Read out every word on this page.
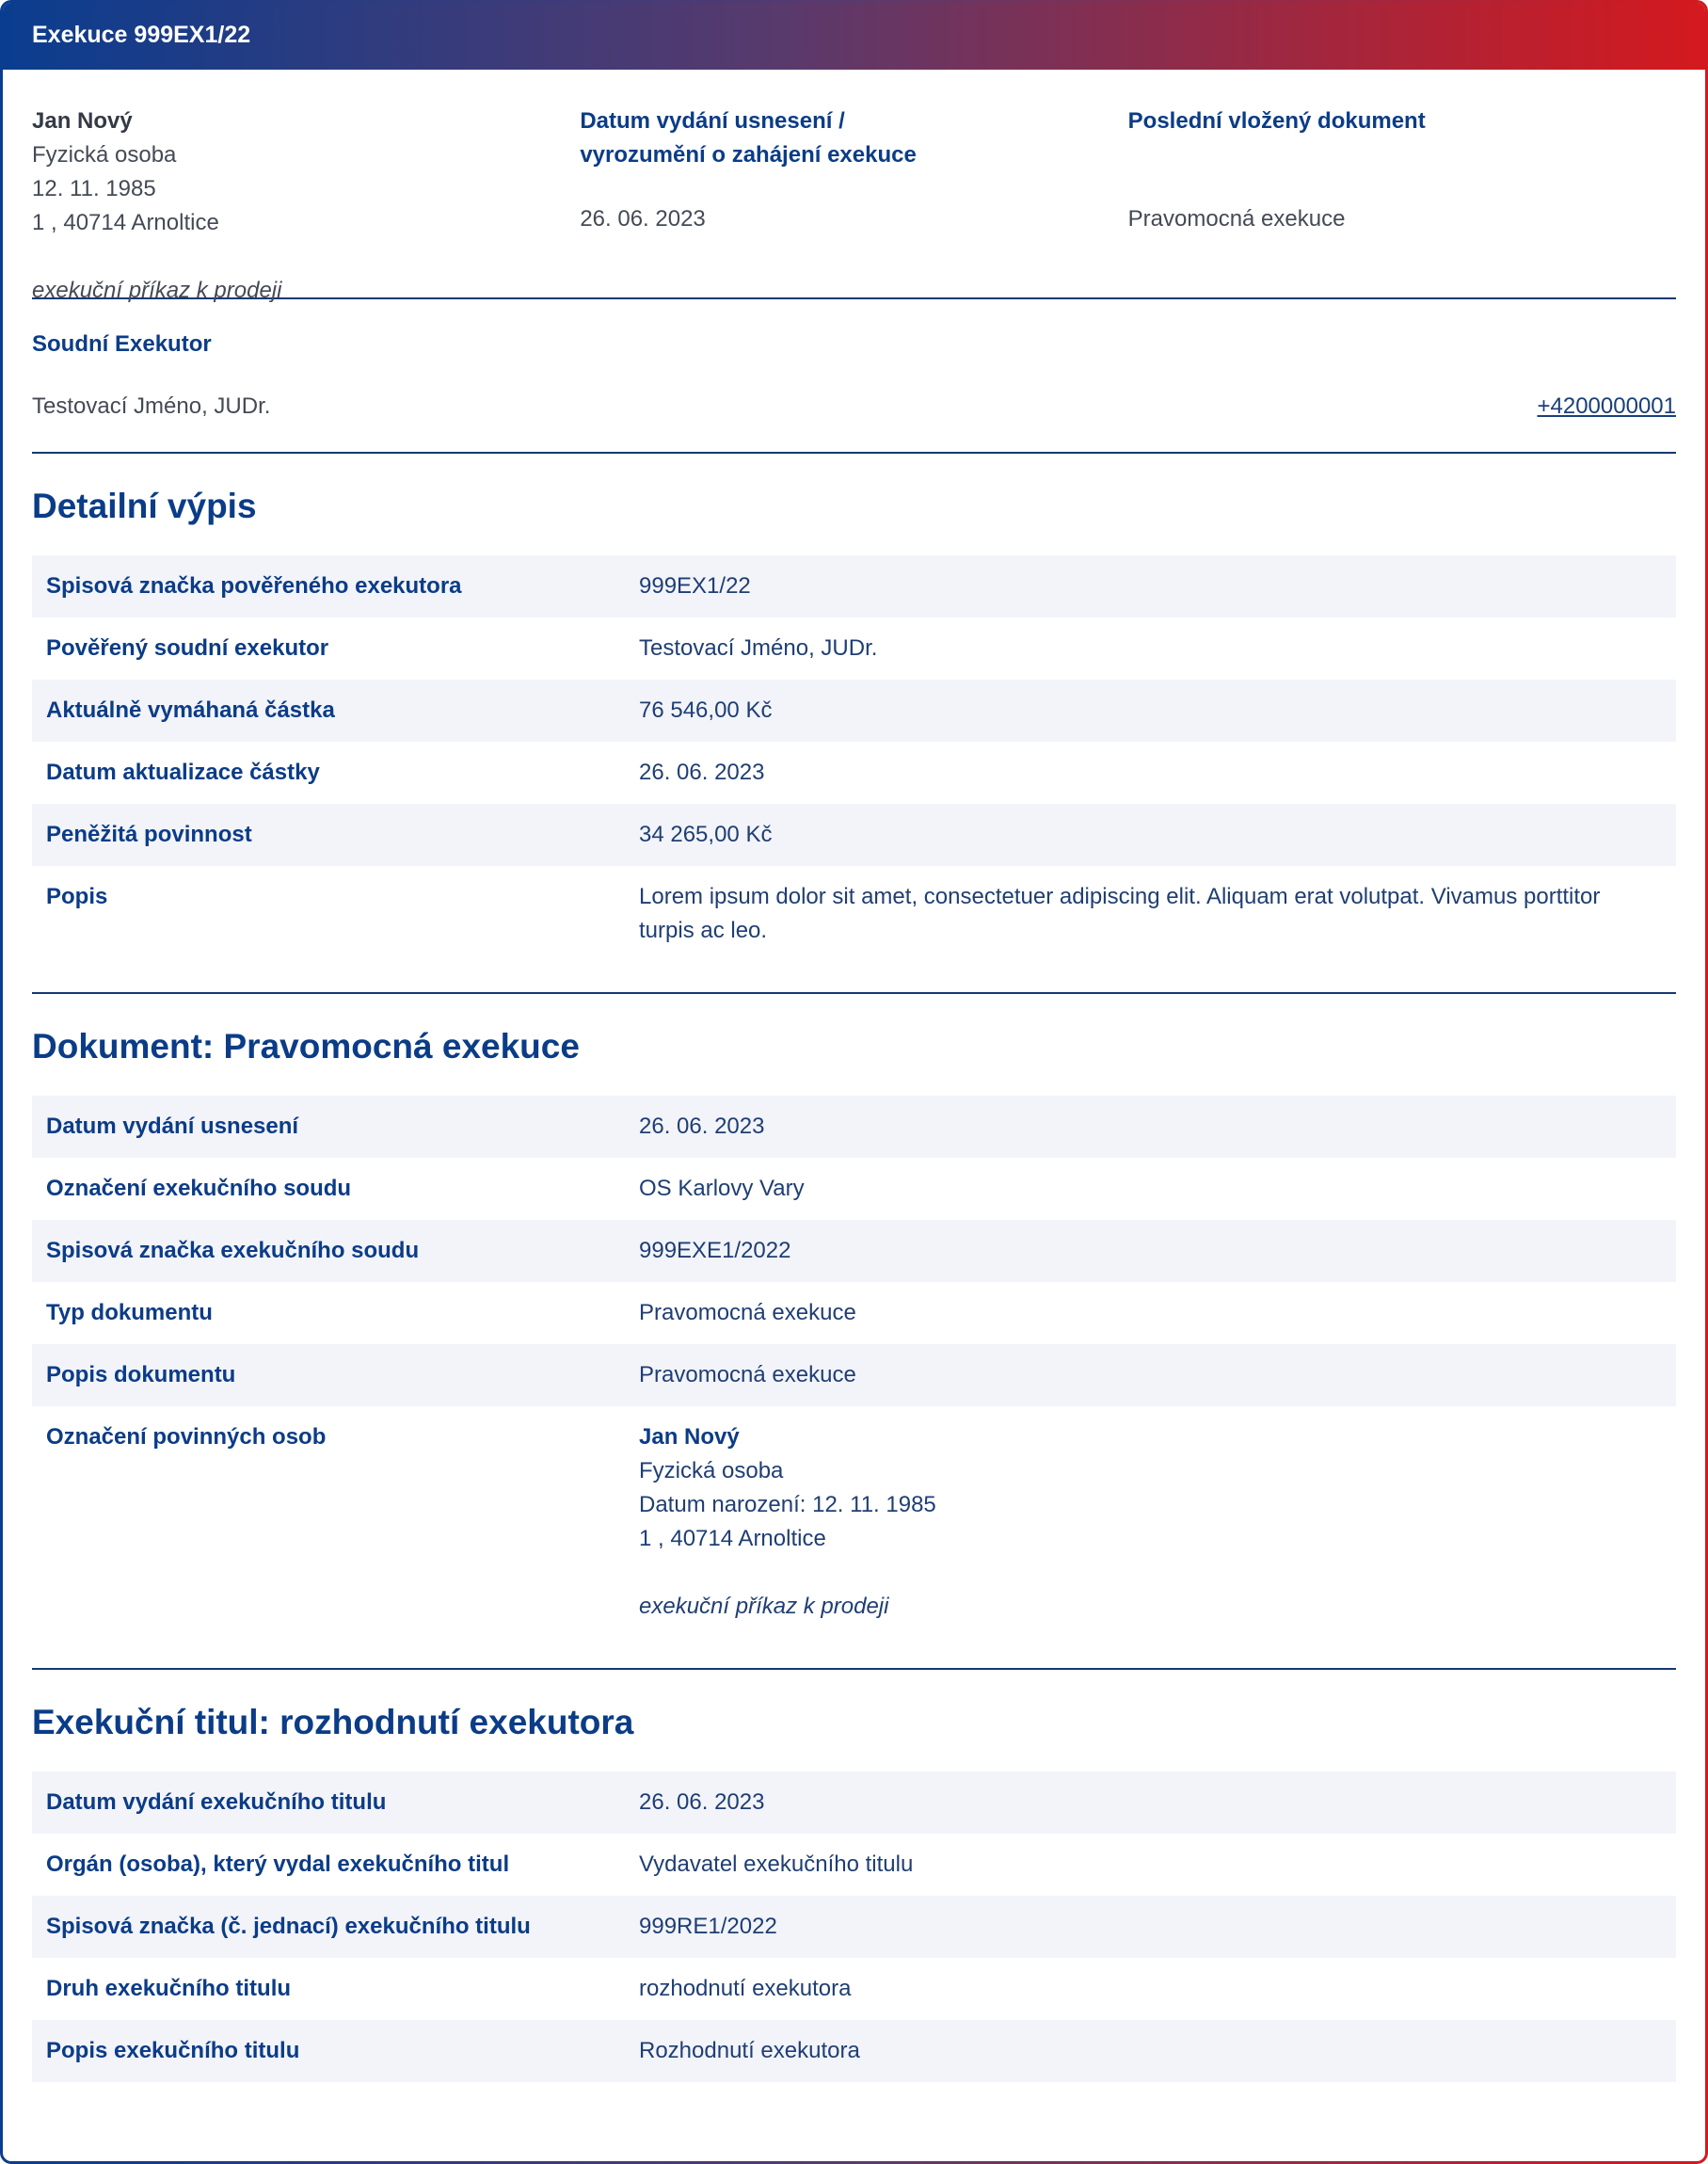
Exekuce 999EX1/22
Jan Nový
Fyzická osoba
12. 11. 1985
1 , 40714 Arnoltice
exekuční příkaz k prodeji
Datum vydání usnesení /
vyrozumění o zahájení exekuce
26. 06. 2023
Poslední vložený dokument
Pravomocná exekuce
Soudní Exekutor
Testovací Jméno, JUDr.	+4200000001
Detailní výpis
Spisová značka pověřeného exekutora	999EX1/22
Pověřený soudní exekutor	Testovací Jméno, JUDr.
Aktuálně vymáhaná částka	76 546,00 Kč
Datum aktualizace částky	26. 06. 2023
Peněžitá povinnost	34 265,00 Kč
Popis	Lorem ipsum dolor sit amet, consectetuer adipiscing elit. Aliquam erat volutpat. Vivamus porttitor turpis ac leo.
Dokument: Pravomocná exekuce
Datum vydání usnesení	26. 06. 2023
Označení exekučního soudu	OS Karlovy Vary
Spisová značka exekučního soudu	999EXE1/2022
Typ dokumentu	Pravomocná exekuce
Popis dokumentu	Pravomocná exekuce
Označení povinných osob	Jan Nový
Fyzická osoba
Datum narození: 12. 11. 1985
1 , 40714 Arnoltice
exekuční příkaz k prodeji
Exekuční titul: rozhodnutí exekutora
Datum vydání exekučního titulu	26. 06. 2023
Orgán (osoba), který vydal exekučního titul	Vydavatel exekučního titulu
Spisová značka (č. jednací) exekučního titulu	999RE1/2022
Druh exekučního titulu	rozhodnutí exekutora
Popis exekučního titulu	Rozhodnutí exekutora
